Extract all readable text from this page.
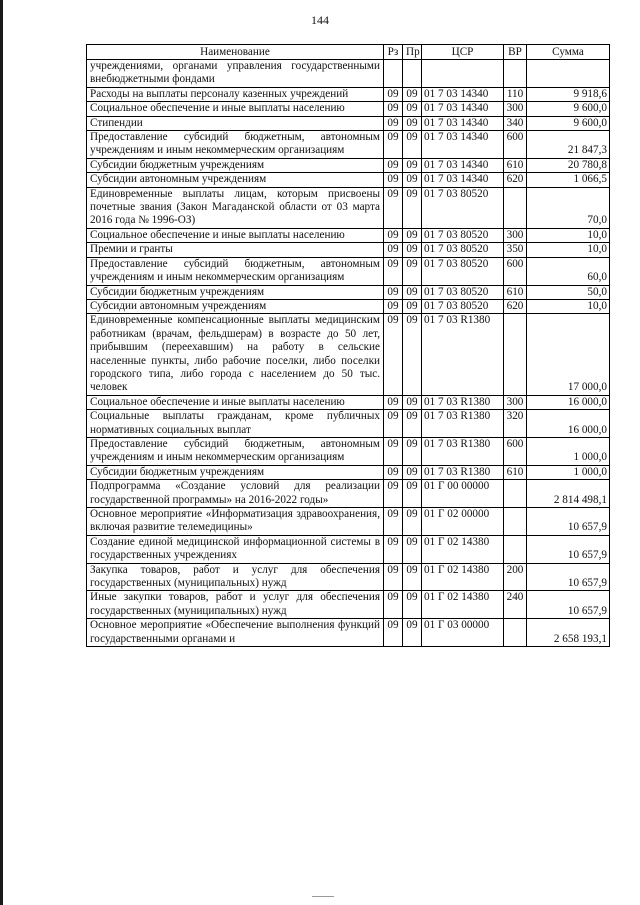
144
Наименование	Рз	Пр	ЦСР	ВР	Сумма
учреждениями, органами управления государственными внебюджетными фондами					
Расходы на выплаты персоналу казенных учреждений	09	09	01 7 03 14340	110	9 918,6
Социальное обеспечение и иные выплаты населению	09	09	01 7 03 14340	300	9 600,0
Стипендии	09	09	01 7 03 14340	340	9 600,0
Предоставление субсидий бюджетным, автономным учреждениям и иным некоммерческим организациям	09	09	01 7 03 14340	600	21 847,3
Субсидии бюджетным учреждениям	09	09	01 7 03 14340	610	20 780,8
Субсидии автономным учреждениям	09	09	01 7 03 14340	620	1 066,5
Единовременные выплаты лицам, которым присвоены почетные звания (Закон Магаданской области от 03 марта 2016 года № 1996-ОЗ)	09	09	01 7 03 80520		70,0
Социальное обеспечение и иные выплаты населению	09	09	01 7 03 80520	300	10,0
Премии и гранты	09	09	01 7 03 80520	350	10,0
Предоставление субсидий бюджетным, автономным учреждениям и иным некоммерческим организациям	09	09	01 7 03 80520	600	60,0
Субсидии бюджетным учреждениям	09	09	01 7 03 80520	610	50,0
Субсидии автономным учреждениям	09	09	01 7 03 80520	620	10,0
Единовременные компенсационные выплаты медицинским работникам (врачам, фельдшерам) в возрасте до 50 лет, прибывшим (переехавшим) на работу в сельские населенные пункты, либо рабочие поселки, либо поселки городского типа, либо города с населением до 50 тыс. человек	09	09	01 7 03 R1380		17 000,0
Социальное обеспечение и иные выплаты населению	09	09	01 7 03 R1380	300	16 000,0
Социальные выплаты гражданам, кроме публичных нормативных социальных выплат	09	09	01 7 03 R1380	320	16 000,0
Предоставление субсидий бюджетным, автономным учреждениям и иным некоммерческим организациям	09	09	01 7 03 R1380	600	1 000,0
Субсидии бюджетным учреждениям	09	09	01 7 03 R1380	610	1 000,0
Подпрограмма «Создание условий для реализации государственной программы» на 2016-2022 годы»	09	09	01 Г 00 00000		2 814 498,1
Основное мероприятие «Информатизация здравоохранения, включая развитие телемедицины»	09	09	01 Г 02 00000		10 657,9
Создание единой медицинской информационной системы в государственных учреждениях	09	09	01 Г 02 14380		10 657,9
Закупка товаров, работ и услуг для обеспечения государственных (муниципальных) нужд	09	09	01 Г 02 14380	200	10 657,9
Иные закупки товаров, работ и услуг для обеспечения государственных (муниципальных) нужд	09	09	01 Г 02 14380	240	10 657,9
Основное мероприятие «Обеспечение выполнения функций государственными органами и	09	09	01 Г 03 00000		2 658 193,1
